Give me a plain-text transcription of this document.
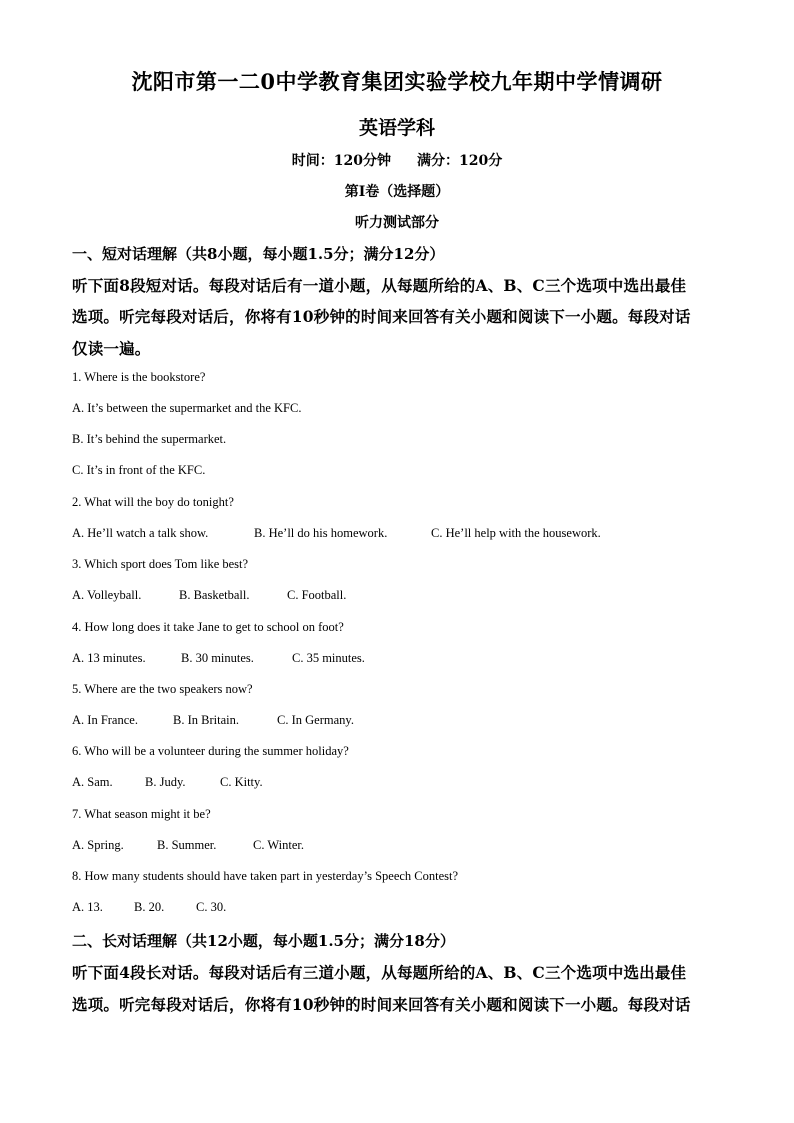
沈阳市第一二0中学教育集团实验学校九年期中学情调研
英语学科
时间：120分钟 满分：120分
第Ⅰ卷（选择题）
听力测试部分
一、短对话理解（共8小题，每小题1.5分；满分12分）
听下面8段短对话。每段对话后有一道小题，从每题所给的A、B、C三个选项中选出最佳
选项。听完每段对话后，你将有10秒钟的时间来回答有关小题和阅读下一小题。每段对话
仅读一遍。
1. Where is the bookstore?
A. It’s between the supermarket and the KFC.
B. It’s behind the supermarket.
C. It’s in front of the KFC.
2. What will the boy do tonight?
A. He’ll watch a talk show.	B. He’ll do his homework.	C. He’ll help with the housework.
3. Which sport does Tom like best?
A. Volleyball.	B. Basketball.	C. Football.
4. How long does it take Jane to get to school on foot?
A. 13 minutes.	B. 30 minutes.	C. 35 minutes.
5. Where are the two speakers now?
A. In France.	B. In Britain.	C. In Germany.
6. Who will be a volunteer during the summer holiday?
A. Sam.	B. Judy.	C. Kitty.
7. What season might it be?
A. Spring.	B. Summer.	C. Winter.
8. How many students should have taken part in yesterday’s Speech Contest?
A. 13. B. 20.	C. 30.
二、长对话理解（共12小题，每小题1.5分；满分18分）
听下面4段长对话。每段对话后有三道小题，从每题所给的A、B、C三个选项中选出最佳
选项。听完每段对话后，你将有10秒钟的时间来回答有关小题和阅读下一小题。每段对话
